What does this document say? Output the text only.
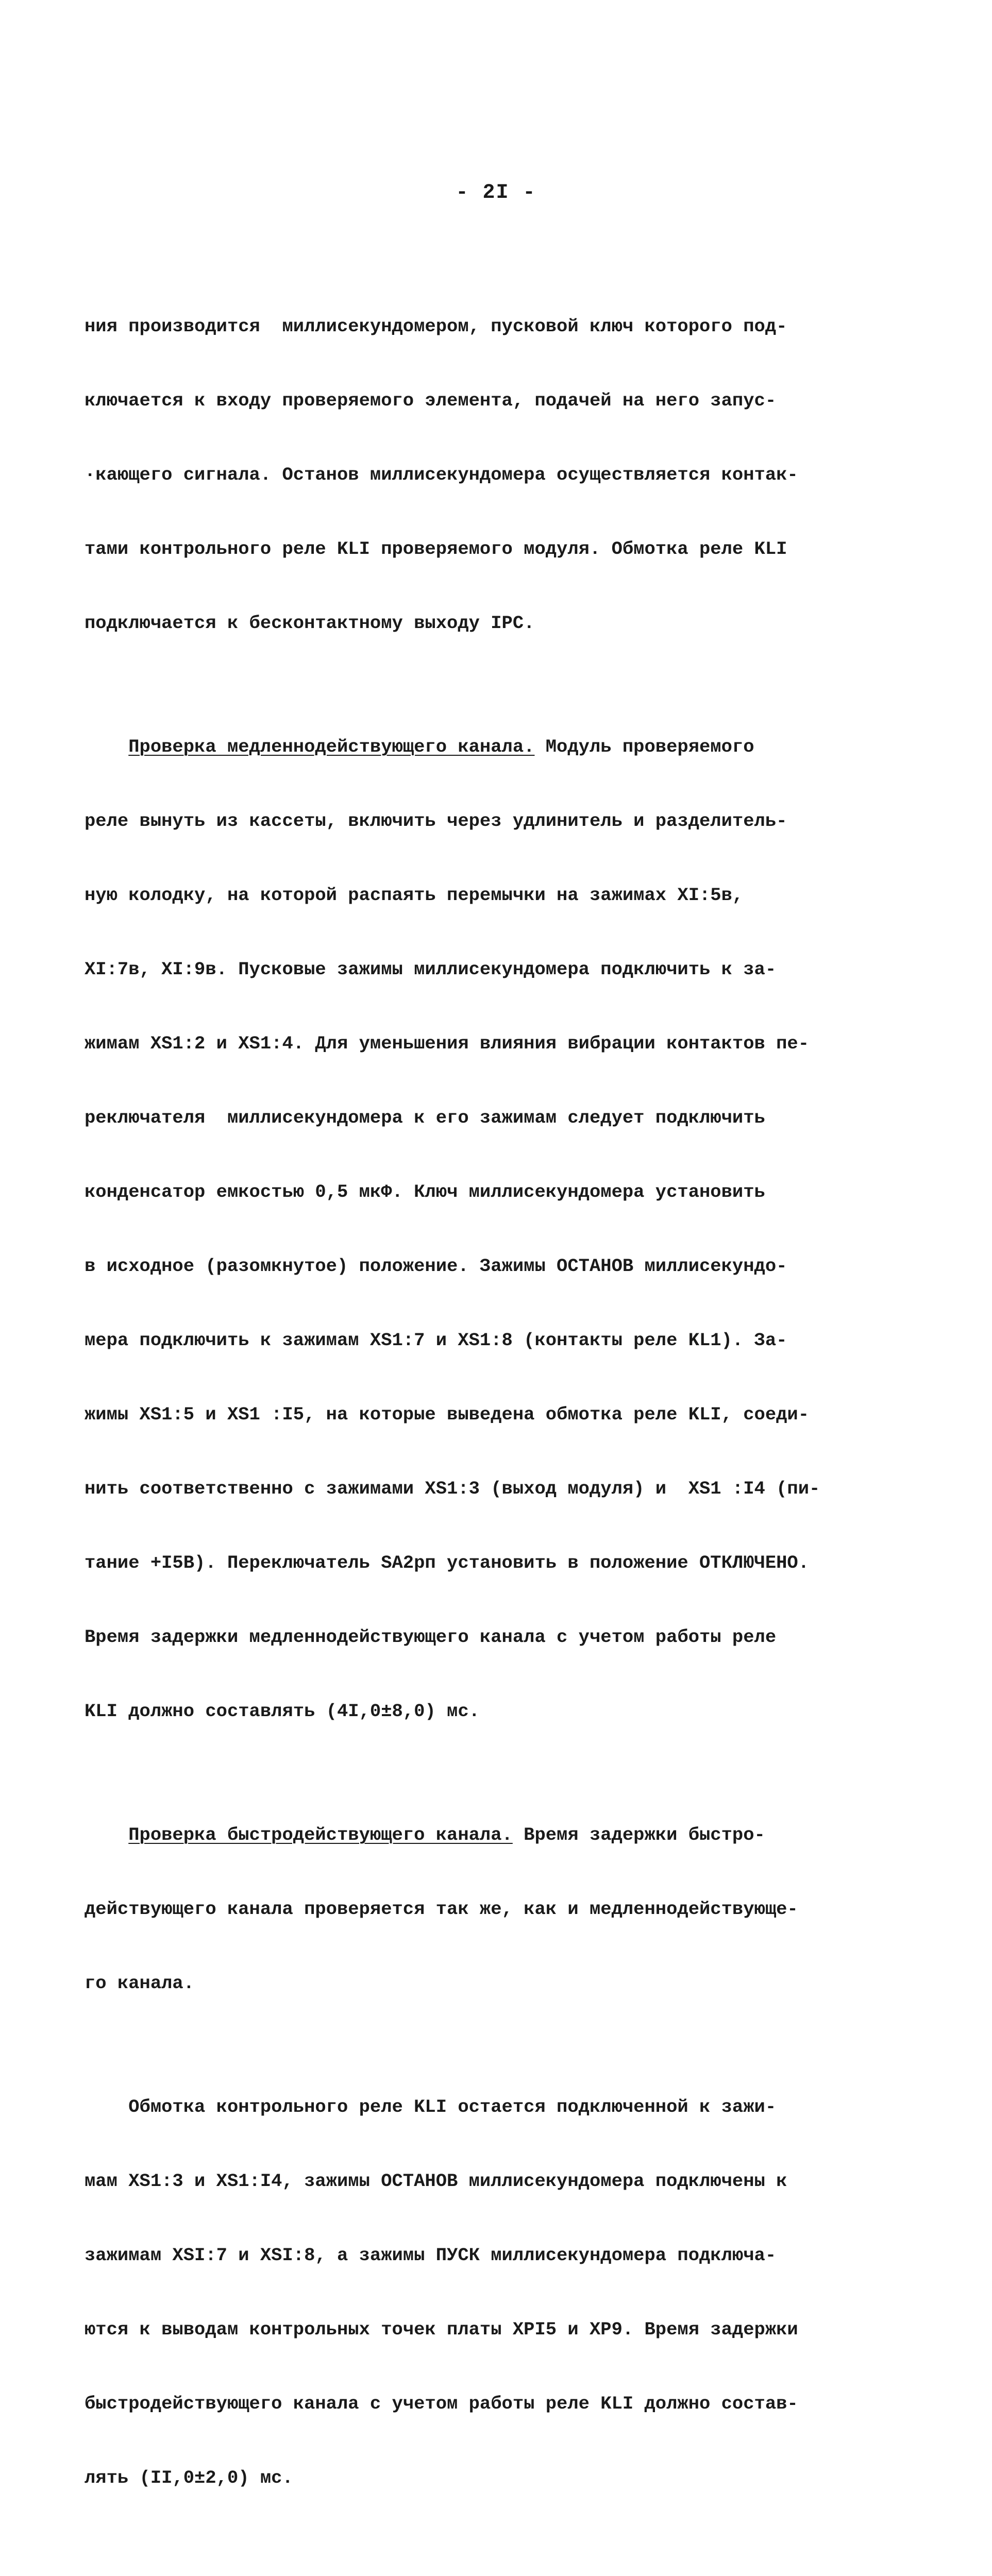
- 2I -

ния производится  миллисекундомером, пусковой ключ которого под-

ключается к входу проверяемого элемента, подачей на него запус-

·кающего сигнала. Останов миллисекундомера осуществляется контак-

тами контрольного реле KLI проверяемого модуля. Обмотка реле KLI

подключается к бесконтактному выходу IPC.

Проверка медленнодействующего канала. Модуль проверяемого

реле вынуть из кассеты, включить через удлинитель и разделитель-

ную колодку, на которой распаять перемычки на зажимах XI:5в,

XI:7в, XI:9в. Пусковые зажимы миллисекундомера подключить к за-

жимам XS1:2 и XS1:4. Для уменьшения влияния вибрации контактов пе-

реключателя  миллисекундомера к его зажимам следует подключить

конденсатор емкостью 0,5 мкФ. Ключ миллисекундомера установить

в исходное (разомкнутое) положение. Зажимы ОСТАНОВ миллисекундо-

мера подключить к зажимам XS1:7 и XS1:8 (контакты реле KL1). За-

жимы XS1:5 и XS1 :I5, на которые выведена обмотка реле KLI, соеди-

нить соответственно с зажимами XS1:3 (выход модуля) и  XS1 :I4 (пи-

тание +I5В). Переключатель SA2рп установить в положение ОТКЛЮЧЕНО.

Время задержки медленнодействующего канала с учетом работы реле

KLI должно составлять (4I,0±8,0) мс.

Проверка быстродействующего канала. Время задержки быстро-

действующего канала проверяется так же, как и медленнодействующе-

го канала.

Обмотка контрольного реле KLI остается подключенной к зажи-

мам XS1:3 и XS1:I4, зажимы ОСТАНОВ миллисекундомера подключены к

зажимам XSI:7 и XSI:8, а зажимы ПУСК миллисекундомера подключа-

ются к выводам контрольных точек платы XPI5 и XP9. Время задержки

быстродействующего канала с учетом работы реле KLI должно состав-

лять (II,0±2,0) мс.
